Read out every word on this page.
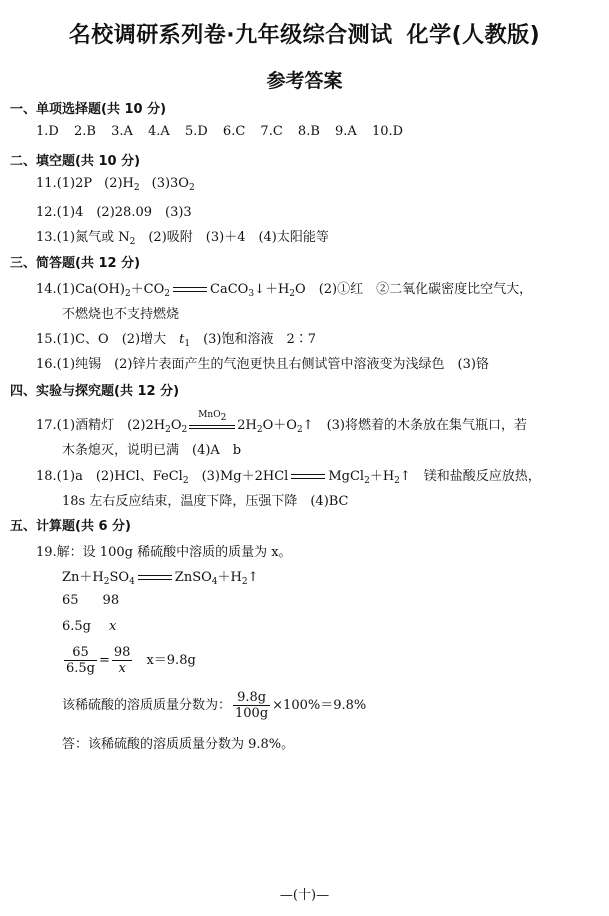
名校调研系列卷·九年级综合测试 化学(人教版)
参考答案
一、单项选择题(共 10 分)
1.D 2.B 3.A 4.A 5.D 6.C 7.C 8.B 9.A 10.D
二、填空题(共 10 分)
11.(1)2P $(2)H_2$ $(3)3O_2$
12.(1)4　(2)28.09　(3)3
13.(1)氮气或 $N_2$　 (2)吸附　(3)＋4　(4)太阳能等
三、简答题(共 12 分)
$14.(1)Ca(OH)_2+CO_2$	$CaCO_3↓+H_2O$　(2)①红　②二氧化碳密度比空气大，
不燃烧也不支持燃烧
15.(1)C、O　(2)增大　$t_1$　 (3)饱和溶液　2∶7
16.(1)纯锡　(2)锌片表面产生的气泡更快且右侧试管中溶液变为浅绿色　(3)铬
四、实验与探究题(共 12 分)
17.(1)酒精灯　$(2)2H_2O_2$
MnO$_2$
$2H_2O+O_2↑$　(3)将燃着的木条放在集气瓶口，若
木条熄灭，说明已满　(4)A　b
18.(1)a　(2)HCl、FeCl$_2$　 (3)Mg＋2HCl	$MgCl_2+H_2↑$　镁和盐酸反应放热，
18s 左右反应结束，温度下降，压强下降　(4)BC
五、计算题(共 6 分)
19.解：设 100g 稀硫酸中溶质的质量为 x。
$Zn+H_2SO_4$	$ZnSO_4+H_2↑$
65 98
6.5g x
$\frac{65}{6.5g} = \frac{98}{x} x=9.8g$
该稀硫酸的溶质质量分数为： $\frac{9.8g}{100g} \times 100\%=9.8\%$
答：该稀硫酸的溶质质量分数为 9.8%。
—(十)—
